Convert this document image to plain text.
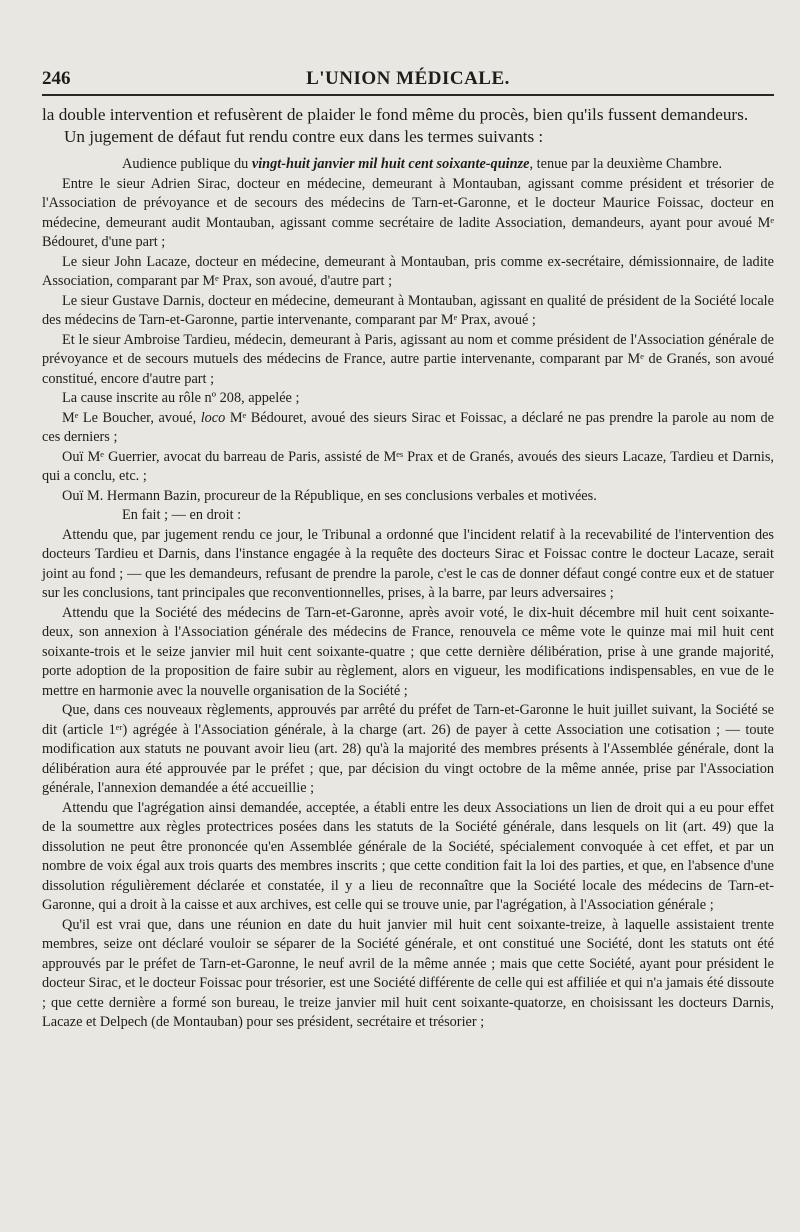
246	L'UNION MÉDICALE.

la double intervention et refusèrent de plaider le fond même du procès, bien qu'ils fussent demandeurs.

Un jugement de défaut fut rendu contre eux dans les termes suivants :

Audience publique du vingt-huit janvier mil huit cent soixante-quinze, tenue par la deuxième Chambre.

Entre le sieur Adrien Sirac, docteur en médecine, demeurant à Montauban, agissant comme président et trésorier de l'Association de prévoyance et de secours des médecins de Tarn-et-Garonne, et le docteur Maurice Foissac, docteur en médecine, demeurant audit Montauban, agissant comme secrétaire de ladite Association, demandeurs, ayant pour avoué Mᵉ Bédouret, d'une part ;

Le sieur John Lacaze, docteur en médecine, demeurant à Montauban, pris comme ex-secrétaire, démissionnaire, de ladite Association, comparant par Mᵉ Prax, son avoué, d'autre part ;

Le sieur Gustave Darnis, docteur en médecine, demeurant à Montauban, agissant en qualité de président de la Société locale des médecins de Tarn-et-Garonne, partie intervenante, comparant par Mᵉ Prax, avoué ;

Et le sieur Ambroise Tardieu, médecin, demeurant à Paris, agissant au nom et comme président de l'Association générale de prévoyance et de secours mutuels des médecins de France, autre partie intervenante, comparant par Mᵉ de Granés, son avoué constitué, encore d'autre part ;

La cause inscrite au rôle nº 208, appelée ;

Mᵉ Le Boucher, avoué, loco Mᵉ Bédouret, avoué des sieurs Sirac et Foissac, a déclaré ne pas prendre la parole au nom de ces derniers ;

Ouï Mᵉ Guerrier, avocat du barreau de Paris, assisté de Mᵉˢ Prax et de Granés, avoués des sieurs Lacaze, Tardieu et Darnis, qui a conclu, etc. ;

Ouï M. Hermann Bazin, procureur de la République, en ses conclusions verbales et motivées.

En fait ; — en droit :

Attendu que, par jugement rendu ce jour, le Tribunal a ordonné que l'incident relatif à la recevabilité de l'intervention des docteurs Tardieu et Darnis, dans l'instance engagée à la requête des docteurs Sirac et Foissac contre le docteur Lacaze, serait joint au fond ; — que les demandeurs, refusant de prendre la parole, c'est le cas de donner défaut congé contre eux et de statuer sur les conclusions, tant principales que reconventionnelles, prises, à la barre, par leurs adversaires ;

Attendu que la Société des médecins de Tarn-et-Garonne, après avoir voté, le dix-huit décembre mil huit cent soixante-deux, son annexion à l'Association générale des médecins de France, renouvela ce même vote le quinze mai mil huit cent soixante-trois et le seize janvier mil huit cent soixante-quatre ; que cette dernière délibération, prise à une grande majorité, porte adoption de la proposition de faire subir au règlement, alors en vigueur, les modifications indispensables, en vue de le mettre en harmonie avec la nouvelle organisation de la Société ;

Que, dans ces nouveaux règlements, approuvés par arrêté du préfet de Tarn-et-Garonne le huit juillet suivant, la Société se dit (article 1ᵉʳ) agrégée à l'Association générale, à la charge (art. 26) de payer à cette Association une cotisation ; — toute modification aux statuts ne pouvant avoir lieu (art. 28) qu'à la majorité des membres présents à l'Assemblée générale, dont la délibération aura été approuvée par le préfet ; que, par décision du vingt octobre de la même année, prise par l'Association générale, l'annexion demandée a été accueillie ;

Attendu que l'agrégation ainsi demandée, acceptée, a établi entre les deux Associations un lien de droit qui a eu pour effet de la soumettre aux règles protectrices posées dans les statuts de la Société générale, dans lesquels on lit (art. 49) que la dissolution ne peut être prononcée qu'en Assemblée générale de la Société, spécialement convoquée à cet effet, et par un nombre de voix égal aux trois quarts des membres inscrits ; que cette condition fait la loi des parties, et que, en l'absence d'une dissolution régulièrement déclarée et constatée, il y a lieu de reconnaître que la Société locale des médecins de Tarn-et-Garonne, qui a droit à la caisse et aux archives, est celle qui se trouve unie, par l'agrégation, à l'Association générale ;

Qu'il est vrai que, dans une réunion en date du huit janvier mil huit cent soixante-treize, à laquelle assistaient trente membres, seize ont déclaré vouloir se séparer de la Société générale, et ont constitué une Société, dont les statuts ont été approuvés par le préfet de Tarn-et-Garonne, le neuf avril de la même année ; mais que cette Société, ayant pour président le docteur Sirac, et le docteur Foissac pour trésorier, est une Société différente de celle qui est affiliée et qui n'a jamais été dissoute ; que cette dernière a formé son bureau, le treize janvier mil huit cent soixante-quatorze, en choisissant les docteurs Darnis, Lacaze et Delpech (de Montauban) pour ses président, secrétaire et trésorier ;
